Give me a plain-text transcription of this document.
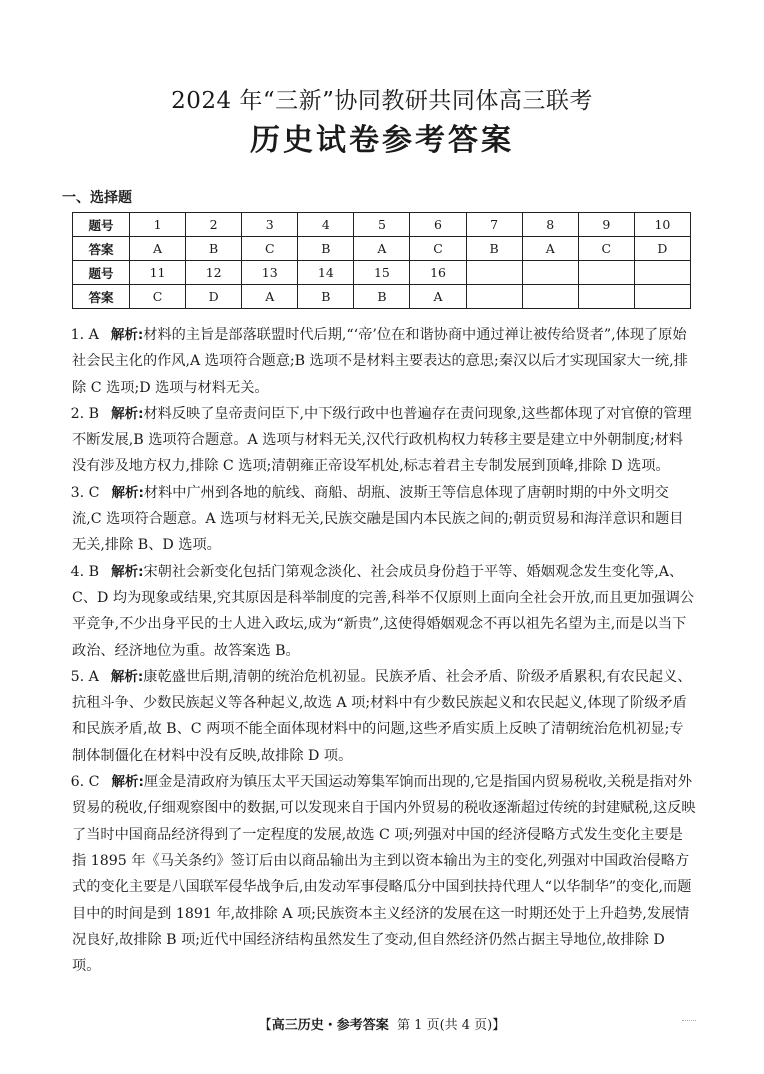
2024 年“三新”协同教研共同体高三联考
历史试卷参考答案
一、选择题
题号	1	2	3	4	5	6	7	8	9	10
答案	A	B	C	B	A	C	B	A	C	D
题号	11	12	13	14	15	16				
答案	C	D	A	B	B	A				

1. A 解析:材料的主旨是部落联盟时代后期,“‘帝’位在和谐协商中通过禅让被传给贤者”,体现了原始社会民主化的作风,A 选项符合题意;B 选项不是材料主要表达的意思;秦汉以后才实现国家大一统,排除 C 选项;D 选项与材料无关。

2. B 解析:材料反映了皇帝责问臣下,中下级行政中也普遍存在责问现象,这些都体现了对官僚的管理不断发展,B 选项符合题意。A 选项与材料无关,汉代行政机构权力转移主要是建立中外朝制度;材料没有涉及地方权力,排除 C 选项;清朝雍正帝设军机处,标志着君主专制发展到顶峰,排除 D 选项。

3. C 解析:材料中广州到各地的航线、商船、胡瓶、波斯王等信息体现了唐朝时期的中外文明交流,C 选项符合题意。A 选项与材料无关,民族交融是国内本民族之间的;朝贡贸易和海洋意识和题目无关,排除 B、D 选项。

4. B 解析:宋朝社会新变化包括门第观念淡化、社会成员身份趋于平等、婚姻观念发生变化等,A、C、D 均为现象或结果,究其原因是科举制度的完善,科举不仅原则上面向全社会开放,而且更加强调公平竞争,不少出身平民的士人进入政坛,成为“新贵”,这使得婚姻观念不再以祖先名望为主,而是以当下政治、经济地位为重。故答案选 B。

5. A 解析:康乾盛世后期,清朝的统治危机初显。民族矛盾、社会矛盾、阶级矛盾累积,有农民起义、抗租斗争、少数民族起义等各种起义,故选 A 项;材料中有少数民族起义和农民起义,体现了阶级矛盾和民族矛盾,故 B、C 两项不能全面体现材料中的问题,这些矛盾实质上反映了清朝统治危机初显;专制体制僵化在材料中没有反映,故排除 D 项。

6. C 解析:厘金是清政府为镇压太平天国运动筹集军饷而出现的,它是指国内贸易税收,关税是指对外贸易的税收,仔细观察图中的数据,可以发现来自于国内外贸易的税收逐渐超过传统的封建赋税,这反映了当时中国商品经济得到了一定程度的发展,故选 C 项;列强对中国的经济侵略方式发生变化主要是指 1895 年《马关条约》签订后由以商品输出为主到以资本输出为主的变化,列强对中国政治侵略方式的变化主要是八国联军侵华战争后,由发动军事侵略瓜分中国到扶持代理人“以华制华”的变化,而题目中的时间是到 1891 年,故排除 A 项;民族资本主义经济的发展在这一时期还处于上升趋势,发展情况良好,故排除 B 项;近代中国经济结构虽然发生了变动,但自然经济仍然占据主导地位,故排除 D 项。

【高三历史・参考答案 第 1 页(共 4 页)】
